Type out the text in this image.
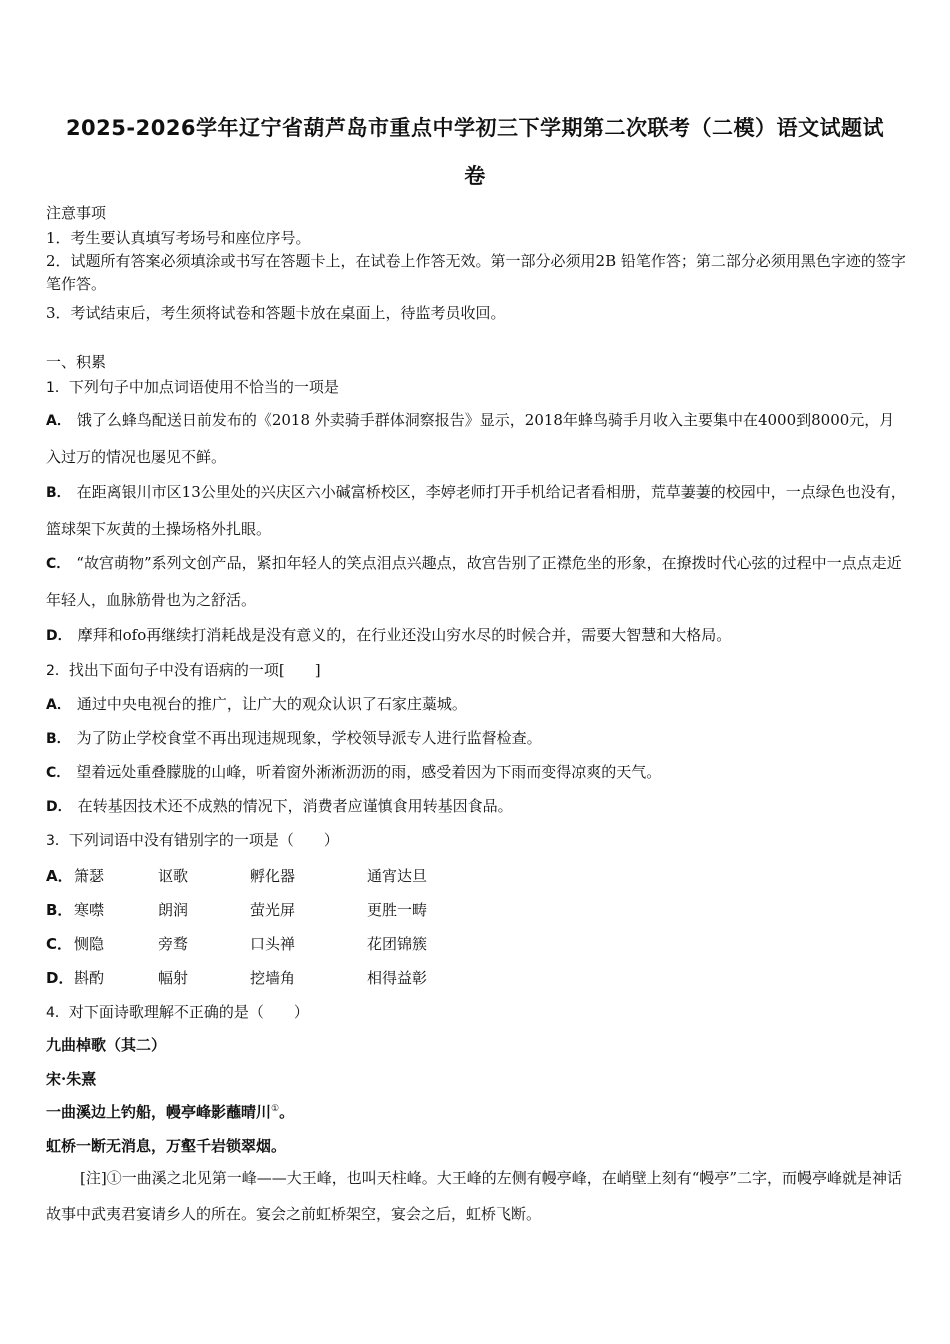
2025-2026学年辽宁省葫芦岛市重点中学初三下学期第二次联考（二模）语文试题试
卷
注意事项
1．考生要认真填写考场号和座位序号。
2．试题所有答案必须填涂或书写在答题卡上，在试卷上作答无效。第一部分必须用2B 铅笔作答；第二部分必须用黑色字迹的签字笔作答。
3．考试结束后，考生须将试卷和答题卡放在桌面上，待监考员收回。
一、积累
1．下列句子中加点词语使用不恰当的一项是
A． 饿了么蜂鸟配送日前发布的《2018 外卖骑手群体洞察报告》显示，2018年蜂鸟骑手月收入主要集中在4000到8000元，月入过万的情况也屡见不鲜。
B． 在距离银川市区13公里处的兴庆区六小碱富桥校区，李婷老师打开手机给记者看相册，荒草萋萋的校园中，一点绿色也没有，篮球架下灰黄的土操场格外扎眼。
C． “故宫萌物”系列文创产品，紧扣年轻人的笑点泪点兴趣点，故宫告别了正襟危坐的形象，在撩拨时代心弦的过程中一点点走近年轻人，血脉筋骨也为之舒活。
D． 摩拜和ofo再继续打消耗战是没有意义的，在行业还没山穷水尽的时候合并，需要大智慧和大格局。
2．找出下面句子中没有语病的一项[　　]
A． 通过中央电视台的推广，让广大的观众认识了石家庄藁城。
B． 为了防止学校食堂不再出现违规现象，学校领导派专人进行监督检查。
C． 望着远处重叠朦胧的山峰，听着窗外淅淅沥沥的雨，感受着因为下雨而变得凉爽的天气。
D． 在转基因技术还不成熟的情况下，消费者应谨慎食用转基因食品。
3．下列词语中没有错别字的一项是（　　）
A． 箫瑟	讴歌	孵化器	通宵达旦
B． 寒噤	朗润	萤光屏	更胜一畴
C． 恻隐	旁骛	口头禅	花团锦簇
D． 斟酌	幅射	挖墙角	相得益彰
4．对下面诗歌理解不正确的是（　　）
九曲棹歌（其二）
宋·朱熹
一曲溪边上钓船，幔亭峰影蘸晴川①。
虹桥一断无消息，万壑千岩锁翠烟。
[注]①一曲溪之北见第一峰——大王峰，也叫天柱峰。大王峰的左侧有幔亭峰，在峭壁上刻有“幔亭”二字，而幔亭峰就是神话故事中武夷君宴请乡人的所在。宴会之前虹桥架空，宴会之后，虹桥飞断。
